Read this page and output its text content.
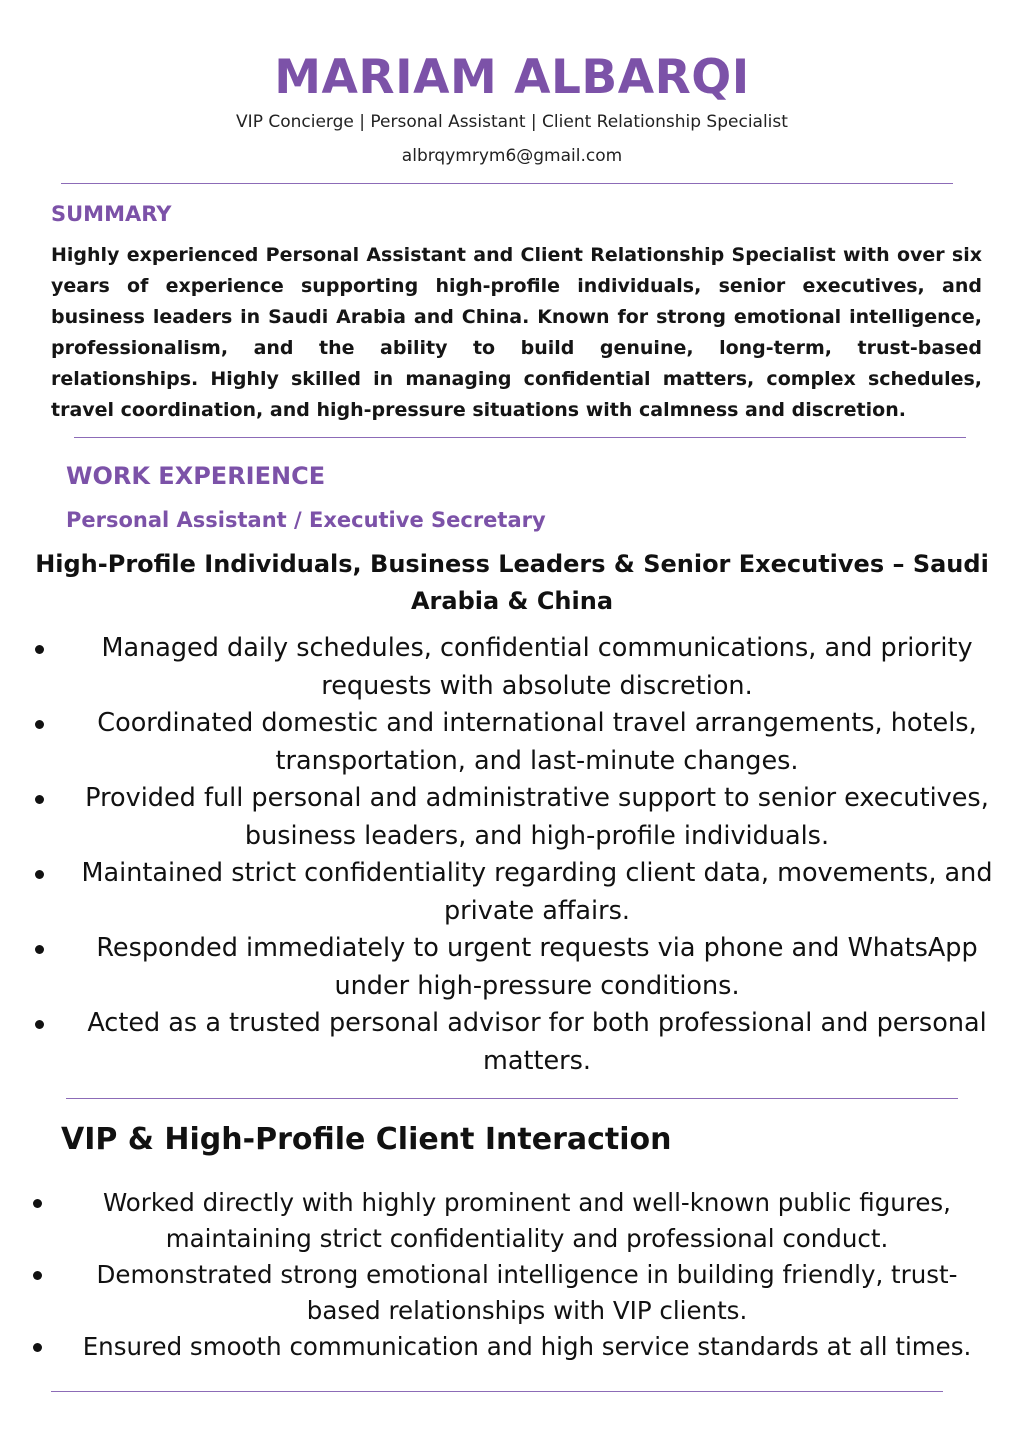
MARIAM ALBARQI
VIP Concierge | Personal Assistant | Client Relationship Specialist
albrqymrym6@gmail.com
SUMMARY
Highly experienced Personal Assistant and Client Relationship Specialist with over six years of experience supporting high-profile individuals, senior executives, and business leaders in Saudi Arabia and China. Known for strong emotional intelligence, professionalism, and the ability to build genuine, long-term, trust-based relationships. Highly skilled in managing confidential matters, complex schedules, travel coordination, and high-pressure situations with calmness and discretion.
WORK EXPERIENCE
Personal Assistant / Executive Secretary
High-Profile Individuals, Business Leaders & Senior Executives – Saudi Arabia & China
Managed daily schedules, confidential communications, and priority requests with absolute discretion.
Coordinated domestic and international travel arrangements, hotels, transportation, and last-minute changes.
Provided full personal and administrative support to senior executives, business leaders, and high-profile individuals.
Maintained strict confidentiality regarding client data, movements, and private affairs.
Responded immediately to urgent requests via phone and WhatsApp under high-pressure conditions.
Acted as a trusted personal advisor for both professional and personal matters.
VIP & High-Profile Client Interaction
Worked directly with highly prominent and well-known public figures, maintaining strict confidentiality and professional conduct.
Demonstrated strong emotional intelligence in building friendly, trust-based relationships with VIP clients.
Ensured smooth communication and high service standards at all times.
